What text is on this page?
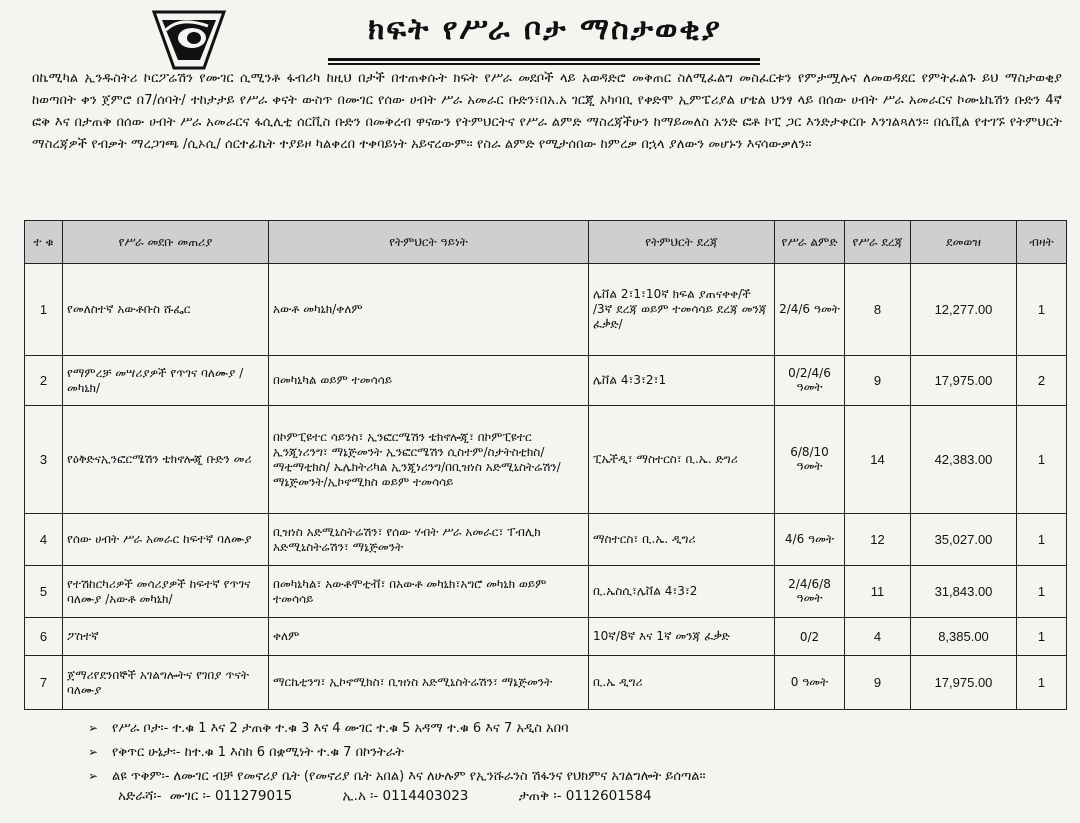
ክፍት የሥራ ቦታ ማስታወቂያ
በኬሚካል ኢንዱስትሪ ኮርፖሬሽን የሙገር ሲሚንቶ ፋብሪካ ከዚህ በታች በተጠቀሱት ክፍት የሥራ መደቦች ላይ አወዳድሮ መቅጠር ስለሚፈልግ መስፈርቱን የምታሟሉና ለመወዳደር የምትፈልጉ ይህ ማስታወቂያ ከወጣበት ቀን ጀምሮ በ7/ሰባት/ ተከታታይ የሥራ ቀናት ውስጥ በሙገር የሰው ሀብት ሥራ አመራር ቡድን፣በአ.አ ገርጂ አካባቢ የቀድሞ ኢምፔሪያል ሆቴል ህንፃ ላይ በሰው ሀብት ሥራ አመራርና ኮሙኒኬሽን ቡድን 4ኛ ፎቅ እና በታጠቅ በሰው ሀብት ሥራ አመራርና ፋሲሊቲ ሰርቪስ ቡድን በመቅረብ ዋናውን የትምህርትና የሥራ ልምድ ማስረጃችሁን ከማይመለስ አንድ ፎቶ ኮፒ ጋር እንድታቀርቡ እንገልጻለን። በሴቪል የተገኙ የትምህርት ማስረጃዎች የብቃት ማረጋገጫ /ሲኦሲ/ ሰርተፊኬት ተያይዞ ካልቀረበ ተቀባይነት አይኖረውም። የስራ ልምድ የሚታሰበው ከምረቃ በኋላ ያለውን መሆኑን እናሳውቃለን።
ተ ቁ	የሥራ መደቡ መጠሪያ	የትምህርት ዓይነት	የትምህርት ደረጃ	የሥራ ልምድ	የሥራ ደረጃ	ደመወዝ	ብዛት
1	የመለስተኛ አውቶቡስ ሹፌር	አውቶ መካኒክ/ቀለም	ሌቨል 2፣1፣10ኛ ክፍል ያጠናቀቀ/ች /3ኛ ደረጃ ወይም ተመሳሳይ ደረጃ መንጃ ፈቃድ/	2/4/6 ዓመት	8	12,277.00	1
2	የማምረቻ መሣሪያዎች የጥገና ባለሙያ /መካኒክ/	በመካኒካል ወይም ተመሳሳይ	ሌቨል 4፣3፣2፣1	0/2/4/6 ዓመት	9	17,975.00	2
3	የዕቅድናኢንፎርሜሽን ቴክኖሎጂ ቡድን መሪ	በኮምፒዩተር ሳይንስ፣ ኢንፎርሜሽን ቴክኖሎጂ፣ በኮምፒዩተር ኢንጂነሪንግ፣ ማኔጅመንት ኢንፎርሜሽን ሲስተም/ስታትስቲክስ/ማቲማቲክስ/ ኤሌክትሪካል ኢንጂነሪንግ/በቢዝነስ አድሚኒስትሬሽን/ ማኔጅመንት/ኢኮኖሚክስ ወይም ተመሳሳይ	ፒኤችዲ፣ ማስተርስ፣ ቢ.ኤ. ድግሪ	6/8/10 ዓመት	14	42,383.00	1
4	የሰው ሀብት ሥራ አመራር ከፍተኛ ባለሙያ	ቢዝነስ አድሚኒስትሬሽን፣ የሰው ሃብት ሥራ አመራር፣ ፐብሊክ አድሚኒስትሬሽን፣ ማኔጅመንት	ማስተርስ፣ ቢ.ኤ. ዲግሪ	4/6 ዓመት	12	35,027.00	1
5	የተሽከርካሪዎች መሳሪያዎች ከፍተኛ የጥገና ባለሙያ /አውቶ መካኒክ/	በመካኒካል፣ አውቶሞቲቭ፣ በአውቶ መካኒክ፣አግሮ መካኒክ ወይም ተመሳሳይ	ቢ.ኤስሲ፣ሌቨል 4፣3፣2	2/4/6/8 ዓመት	11	31,843.00	1
6	ፖስተኛ	ቀለም	10ኛ/8ኛ እና 1ኛ መንጃ ፈቃድ	0/2	4	8,385.00	1
7	ጀማሪየደንበኞች አገልግሎትና የገበያ ጥናት ባለሙያ	ማርኬቲንግ፣ ኢኮኖሚክስ፣ ቢዝነስ አድሚኒስትሬሽን፣ ማኔጅመንት	ቢ.ኤ ዲግሪ	0 ዓመት	9	17,975.00	1
➢ የሥራ ቦታ፡- ተ.ቁ 1 እና 2 ታጠቅ ተ.ቁ 3 እና 4 ሙገር ተ.ቁ 5 አዳማ ተ.ቁ 6 እና 7 አዲስ አበባ
➢ የቅጥር ሁኔታ፡- ከተ.ቁ 1 እስከ 6 በቋሚነት ተ.ቁ 7 በኮንትራት
➢ ልዩ ጥቅም፡- ለሙገር ብቻ የመኖሪያ ቤት (የመኖሪያ ቤት አበል) እና ለሁሉም የኢንሹራንስ ሽፋንና የህክምና አገልግሎት ይሰጣል።
አድራሻ፡- ሙገር ፡- 011279015	ኢ.አ ፡- 0114403023	ታጠቅ ፡- 0112601584
